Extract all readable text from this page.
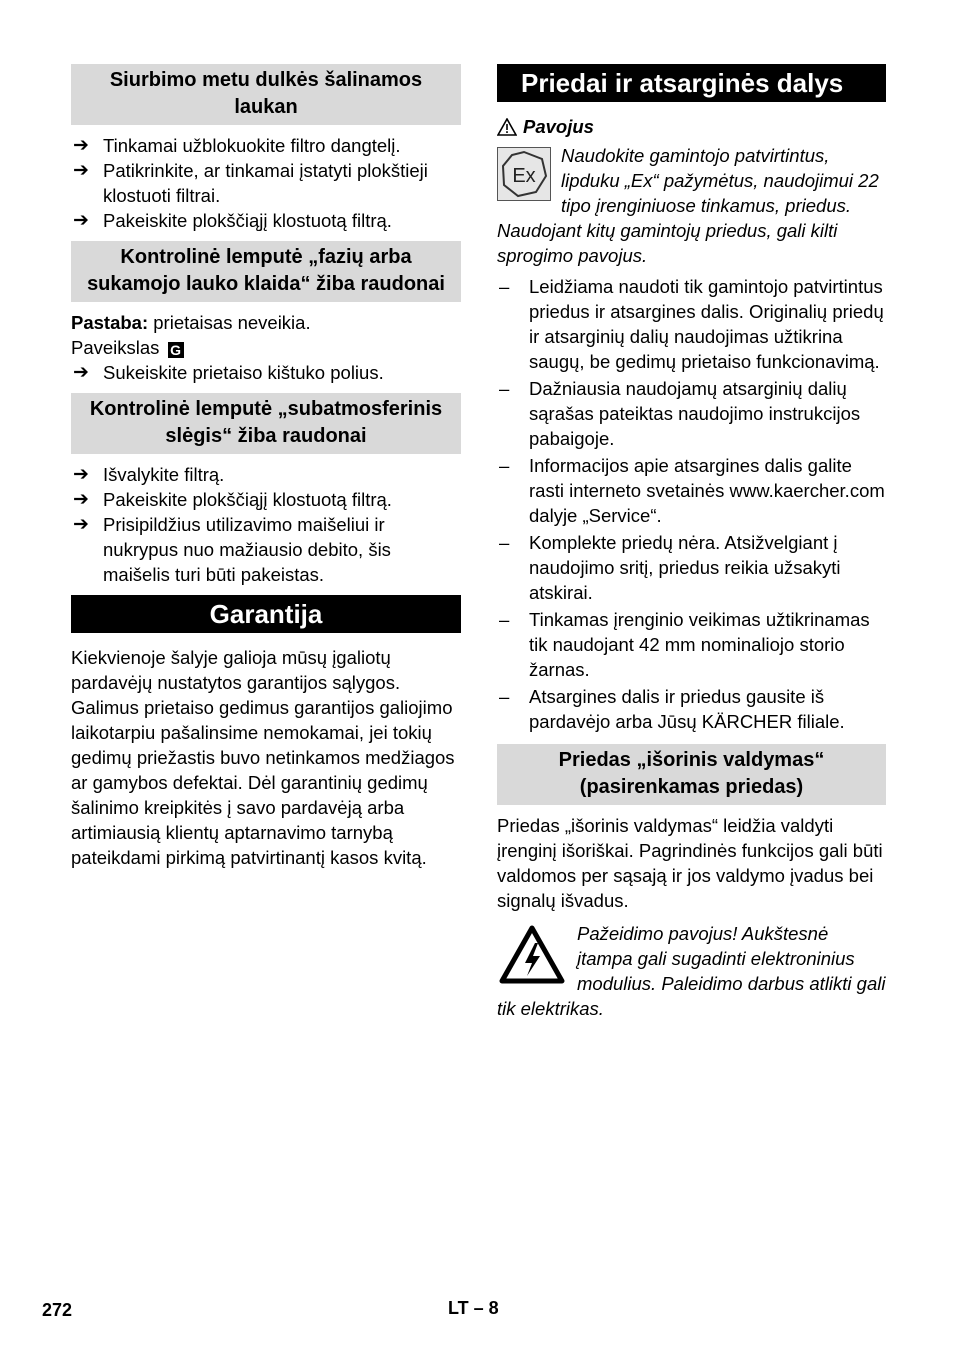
Siurbimo metu dulkės šalinamos laukan
➔ Tinkamai užblokuokite filtro dangtelį.
➔ Patikrinkite, ar tinkamai įstatyti plokštieji klostuoti filtrai.
➔ Pakeiskite plokščiąjį klostuotą filtrą.
Kontrolinė lemputė „fazių arba sukamojo lauko klaida“ žiba raudonai

Pastaba: prietaisas neveikia.

Paveikslas G

➔ Sukeiskite prietaiso kištuko polius.
Kontrolinė lemputė „subatmosferinis slėgis“ žiba raudonai
➔ Išvalykite filtrą.
➔ Pakeiskite plokščiąjį klostuotą filtrą.
➔ Prisipildžius utilizavimo maišeliui ir nukrypus nuo mažiausio debito, šis maišelis turi būti pakeistas.
Garantija

Kiekvienoje šalyje galioja mūsų įgaliotų pardavėjų nustatytos garantijos sąlygos. Galimus prietaiso gedimus garantijos galiojimo laikotarpiu pašalinsime nemokamai, jei tokių gedimų priežastis buvo netinkamos medžiagos ar gamybos defektai. Dėl garantinių gedimų šalinimo kreipkitės į savo pardavėją arba artimiausią klientų aptarnavimo tarnybą pateikdami pirkimą patvirtinantį kasos kvitą.

Priedai ir atsarginės dalys
Pavojus
Ex

Naudokite gamintojo patvirtintus, lipduku „Ex“ pažymėtus, naudojimui 22 tipo įrenginiuose tinkamus, priedus. Naudojant kitų gamintojų priedus, gali kilti sprogimo pavojus.

– Leidžiama naudoti tik gamintojo patvirtintus priedus ir atsargines dalis. Originalių priedų ir atsarginių dalių naudojimas užtikrina saugų, be gedimų prietaiso funkcionavimą.
– Dažniausia naudojamų atsarginių dalių sąrašas pateiktas naudojimo instrukcijos pabaigoje.
– Informacijos apie atsargines dalis galite rasti interneto svetainės www.kaercher.com dalyje „Service“.
– Komplekte priedų nėra. Atsižvelgiant į naudojimo sritį, priedus reikia užsakyti atskirai.
– Tinkamas įrenginio veikimas užtikrinamas tik naudojant 42 mm nominaliojo storio žarnas.
– Atsargines dalis ir priedus gausite iš pardavėjo arba Jūsų KÄRCHER filiale.
Priedas „išorinis valdymas“ (pasirenkamas priedas)

Priedas „išorinis valdymas“ leidžia valdyti įrenginį išoriškai. Pagrindinės funkcijos gali būti valdomos per sąsają ir jos valdymo įvadus bei signalų išvadus.

Pažeidimo pavojus! Aukštesnė įtampa gali sugadinti elektroninius modulius. Paleidimo darbus atlikti gali tik elektrikas.

272	LT – 8
